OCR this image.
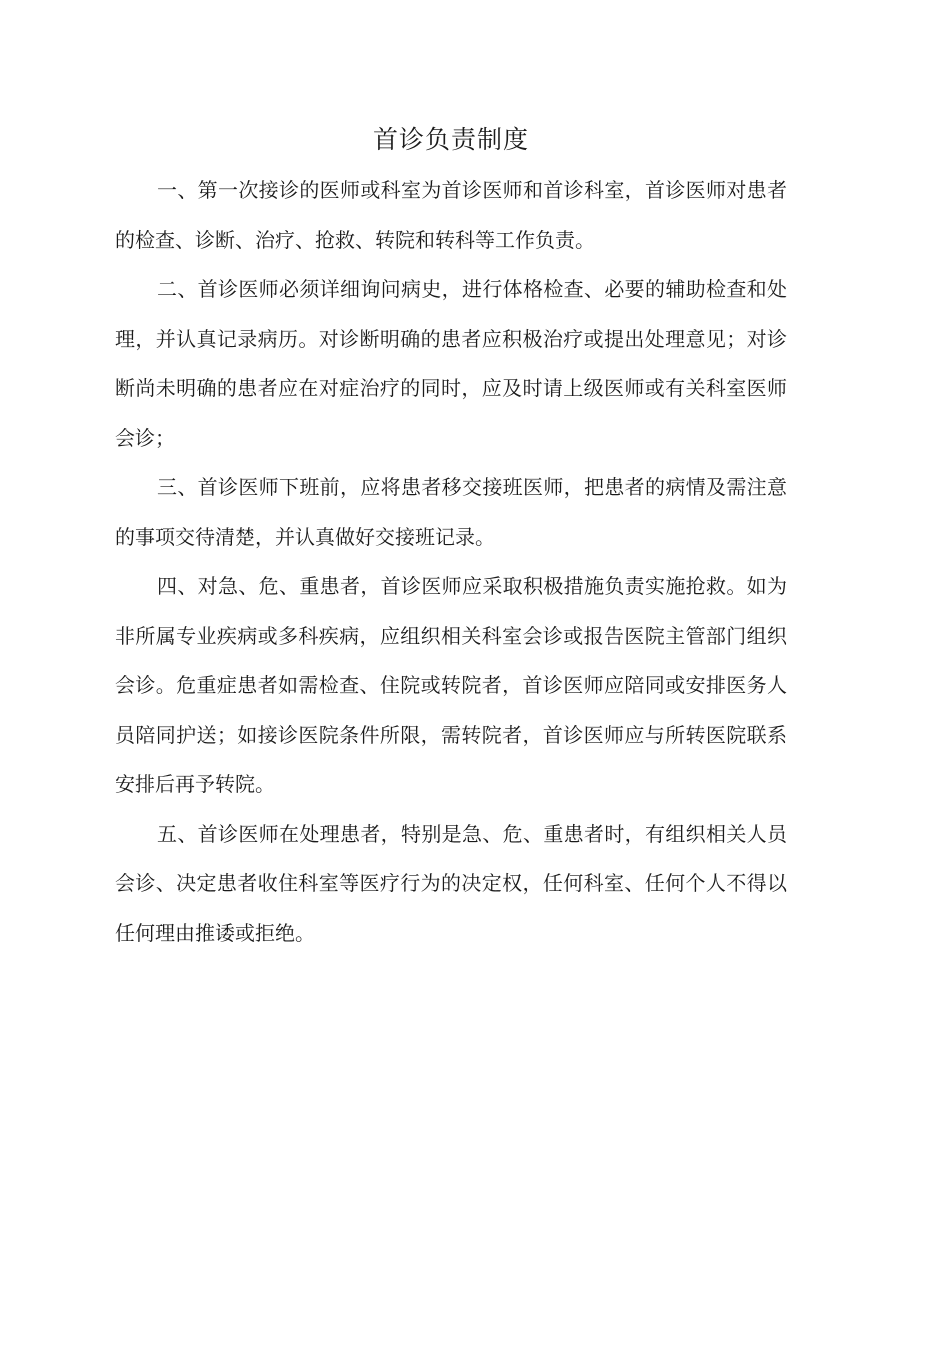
首诊负责制度

一、第一次接诊的医师或科室为首诊医师和首诊科室，首诊医师对患者的检查、诊断、治疗、抢救、转院和转科等工作负责。

二、首诊医师必须详细询问病史，进行体格检查、必要的辅助检查和处理，并认真记录病历。对诊断明确的患者应积极治疗或提出处理意见；对诊断尚未明确的患者应在对症治疗的同时，应及时请上级医师或有关科室医师会诊；

三、首诊医师下班前，应将患者移交接班医师，把患者的病情及需注意的事项交待清楚，并认真做好交接班记录。

四、对急、危、重患者，首诊医师应采取积极措施负责实施抢救。如为非所属专业疾病或多科疾病，应组织相关科室会诊或报告医院主管部门组织会诊。危重症患者如需检查、住院或转院者，首诊医师应陪同或安排医务人员陪同护送；如接诊医院条件所限，需转院者，首诊医师应与所转医院联系安排后再予转院。

五、首诊医师在处理患者，特别是急、危、重患者时，有组织相关人员会诊、决定患者收住科室等医疗行为的决定权，任何科室、任何个人不得以任何理由推诿或拒绝。
